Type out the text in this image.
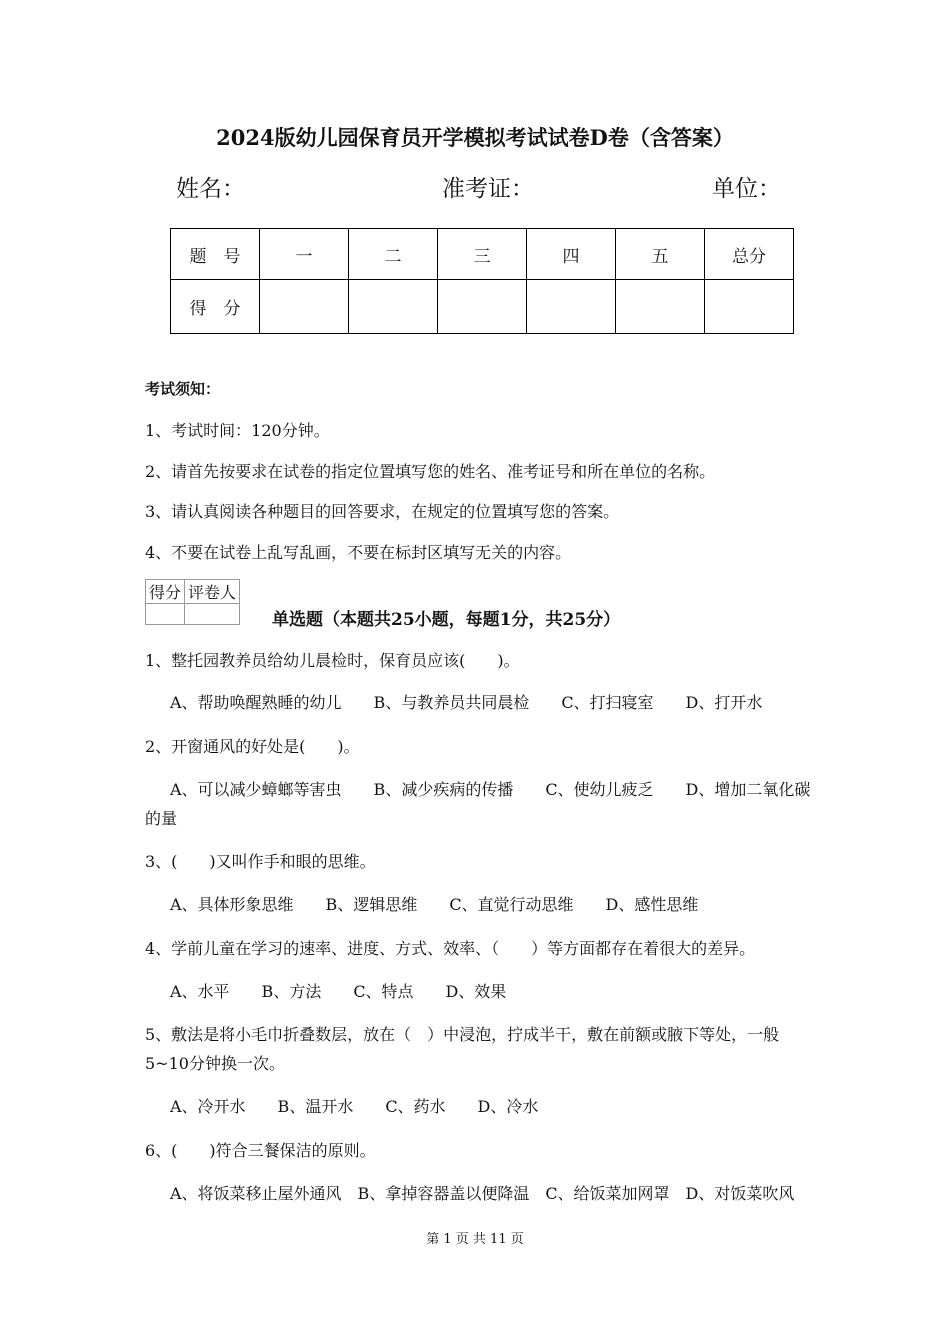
2024版幼儿园保育员开学模拟考试试卷D卷（含答案）
姓名：	准考证：	单位：
题　号	一	二	三	四	五	总分
得　分						
考试须知：
1、考试时间：120分钟。
2、请首先按要求在试卷的指定位置填写您的姓名、准考证号和所在单位的名称。
3、请认真阅读各种题目的回答要求，在规定的位置填写您的答案。
4、不要在试卷上乱写乱画，不要在标封区填写无关的内容。
得分	评卷人

单选题（本题共25小题，每题1分，共25分）
1、整托园教养员给幼儿晨检时，保育员应该(　　)。
A、帮助唤醒熟睡的幼儿　　B、与教养员共同晨检　　C、打扫寝室　　D、打开水
2、开窗通风的好处是(　　)。
A、可以减少蟑螂等害虫　　B、减少疾病的传播　　C、使幼儿疲乏　　D、增加二氧化碳
的量
3、(　　)又叫作手和眼的思维。
A、具体形象思维　　B、逻辑思维　　C、直觉行动思维　　D、感性思维
4、学前儿童在学习的速率、进度、方式、效率、（　　）等方面都存在着很大的差异。
A、水平　　B、方法　　C、特点　　D、效果
5、敷法是将小毛巾折叠数层，放在（　）中浸泡，拧成半干，敷在前额或腋下等处，一般
5~10分钟换一次。
A、冷开水　　B、温开水　　C、药水　　D、冷水
6、(　　)符合三餐保洁的原则。
A、将饭菜移止屋外通风　B、拿掉容器盖以便降温　C、给饭菜加网罩　D、对饭菜吹风
第 1 页 共 11 页
